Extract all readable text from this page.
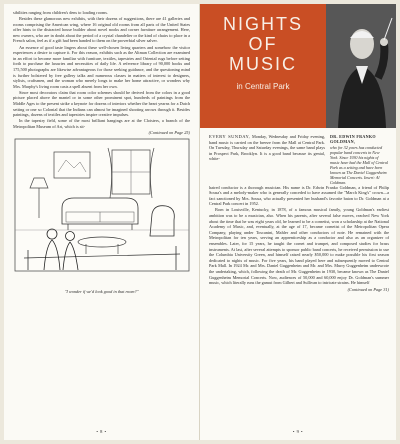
sibilities ranging from children's dens to loading rooms.

Besides these glamorous new exhibits, with their dozens of suggestions, there are 41 galleries and rooms comprising the American wing, where 16 original old rooms from all parts of the United States offer hints to the distracted house builder about novel nooks and corner furniture arrangement. Here, new owners, who are in doubt about the period of a crystal chandelier or the kind of chairs to place in a French salon, feel as if a gift had been handed to them on the proverbial silver salver.

An essence of good taste lingers about these well-chosen living quarters and somehow the visitor experiences a desire to capture it. For this reason, exhibits such as the Altman Collection are examined in an effort to become more familiar with furniture, textiles, tapestries and Oriental rugs before setting forth to purchase the luxuries and necessities of daily life. A reference library of 90,000 books and 175,500 photographs are likewise advantageous for those seeking guidance, and the questioning mind is further bolstered by free gallery talks and numerous classes in matters of interest to designers, stylists, craftsmen, and the woman who merely longs to make her home attractive, or wonders why Mrs. Murphy's living room casts a spell absent from her own.

Since most decorators claim that room color schemes should be derived from the colors in a good picture placed above the mantel or in some other prominent spot, hundreds of paintings from the Middle Ages to the present strike a keynote for dozens of interiors whether the heart yearns for a Dutch setting or one so Colonial that the Indians can almost be imagined shooting arrows through it. Besides paintings, dozens of textiles and tapestries inspire creative impulses.

In the tapestry field, some of the most brilliant hangings are at the Cloisters, a branch of the Metropolitan Museum of Art, which is sit-

(Continued on Page 25)
"I wonder if we'd look good in that room?"
• 8 •
NIGHTS
OF
MUSIC
in Central Park

EVERY SUNDAY, Monday, Wednesday and Friday evening, band music is carried on the breeze from the Mall at Central Park. On Tuesday, Thursday and Saturday evenings, the same band plays in Prospect Park, Brooklyn. It is a good band because its genial, white-

DR. EDWIN FRANKO GOLDMAN,
who for 32 years has conducted popular band concerts in New York. Since 1930 his nights of music have had the Mall of Central Park as a setting and have been known as The Daniel Guggenheim Memorial Concerts. Insert: Al Goldman.

haired conductor is a thorough musician. His name is Dr. Edwin Franko Goldman, a friend of Philip Sousa's and a melody-maker who is generally conceded to have assumed the "March King's" crown—a fact sanctioned by Mrs. Sousa, who actually presented her husband's favorite baton to Dr. Goldman at a Central Park concert in 1952.

Born in Louisville, Kentucky, in 1878, of a famous musical family, young Goldman's earliest ambition was to be a musician, also. When his parents, after several false moves, reached New York about the time that he was eight years old, he learned to be a cornetist, won a scholarship at the National Academy of Music, and, eventually, at the age of 17, became cornetist of the Metropolitan Opera Company, playing under Toscanini, Mahler and other conductors of note. He remained with the Metropolitan for ten years, serving an apprenticeship as a conductor and also as an organizer of ensembles. Later, for 15 years, he taught the cornet and trumpet, and composed studies for brass instruments. At last, after several attempts to sponsor public band concerts, he received permission to use the Columbia University Green, and himself raised nearly $50,000 to make possible his first season dedicated to nights of music. For five years, his band played here and subsequently moved to Central Park Mall. In 1924 Mr. and Mrs. Daniel Guggenheim and Mr. and Mrs. Murry Guggenheim underwrote the undertaking, which, following the death of Mr. Guggenheim in 1930, became known as The Daniel Guggenheim Memorial Concerts. Now, audiences of 50,000 and 60,000 enjoy Dr. Goldman's summer music, which literally runs the gamut from Gilbert and Sullivan to intricate strains. He himself

(Continued on Page 31)
• 9 •
